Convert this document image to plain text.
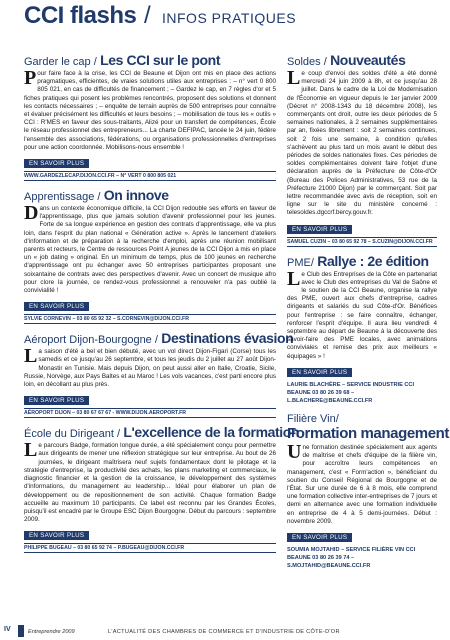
CCI flashs / INFOS PRATIQUES
Garder le cap / Les CCI sur le pont

Pour faire face à la crise, les CCI de Beaune et Dijon ont mis en place des actions pragmatiques, efficientes, de vraies solutions utiles aux entreprises : – n° vert 0 800 805 021, en cas de difficultés de financement ; – Gardez le cap, en 7 règles d'or et 5 fiches pratiques qui posent les problèmes rencontrés, proposent des solutions et donnent les contacts nécessaires ; – enquête de terrain auprès de 500 entreprises pour connaître et évaluer précisément les difficultés et leurs besoins ; – mobilisation de tous les « outils » CCI : R'MES en faveur des sous-traitants, Alizé pour un transfert de compétences, École le réseau professionnel des entrepreneurs... La charte DEFIPAC, lancée le 24 juin, fédère l'ensemble des associations, fédérations, ou organisations professionnelles d'entreprises pour une action coordonnée. Mobilisons-nous ensemble !

EN SAVOIR PLUS
WWW.GARDEZLECAP.DIJON.CCI.FR – N° VERT 0 800 805 021
Apprentissage / On innove

Dans un contexte économique difficile, la CCI Dijon redouble ses efforts en faveur de l'apprentissage, plus que jamais solution d'avenir professionnel pour les jeunes. Forte de sa longue expérience en gestion des contrats d'apprentissage, elle va plus loin, dans l'esprit du plan national « Génération active ». Après le lancement d'ateliers d'information et de préparation à la recherche d'emploi, après une réunion mobilisant parents et recteurs, le Centre de ressources Point A jeunes de la CCI Dijon a mis en place un « job dating » original. En un minimum de temps, plus de 100 jeunes en recherche d'apprentissage ont pu échanger avec 50 entreprises participantes proposant une soixantaine de contrats avec des perspectives d'avenir. Avec un concert de musique afro pour clore la journée, ce rendez-vous professionnel a renouveler n'a pas oublié la convivialité !

EN SAVOIR PLUS
SYLVIE CORNEVIN – 03 80 65 92 32 – S.CORNEVIN@DIJON.CCI.FR
Aéroport Dijon-Bourgogne / Destinations évasion

La saison d'été a bel et bien débuté, avec un vol direct Dijon-Figari (Corse) tous les samedis et ce jusqu'au 26 septembre, et tous les jeudis du 2 juillet au 27 août Dijon-Monastir en Tunisie. Mais depuis Dijon, on peut aussi aller en Italie, Croatie, Sicile, Russie, Norvège, aux Pays Baltes et au Maroc ! Les vols vacances, c'est parti encore plus loin, en décollant au plus près.

EN SAVOIR PLUS
AÉROPORT DIJON – 03 80 67 67 67 - WWW.DIJON.AEROPORT.FR
École du Dirigeant / L'excellence de la formation

Le parcours Badge, formation longue durée, a été spécialement conçu pour permettre aux dirigeants de mener une réflexion stratégique sur leur entreprise. Au bout de 26 journées, le dirigeant maîtrisera neuf sujets fondamentaux dont le pilotage et la stratégie d'entreprise, la productivité des achats, les plans marketing et commerciaux, le diagnostic financier et la gestion de la croissance, le développement des systèmes d'informations, du management au leadership... Idéal pour élaborer un plan de développement ou de repositionnement de son activité. Chaque formation Badge accueille au maximum 10 participants. Ce label est reconnu par les Grandes Écoles, puisqu'il est encadré par le Groupe ESC Dijon Bourgogne. Début du parcours : septembre 2009.

EN SAVOIR PLUS
PHILIPPE BUGEAU – 03 80 65 92 74 – P.BUGEAU@DIJON.CCI.FR
Soldes / Nouveautés

Le coup d'envoi des soldes d'été a été donné mercredi 24 juin 2009 à 8h, et ce jusqu'au 28 juillet. Dans le cadre de la Loi de Modernisation de l'Économie en vigueur depuis le 1er janvier 2009 (Décret n° 2008-1343 du 18 décembre 2008), les commerçants ont droit, outre les deux périodes de 5 semaines nationales, à 2 semaines supplémentaires par an, fixées librement : soit 2 semaines continues, soit 2 fois une semaine, à condition qu'elles s'achèvent au plus tard un mois avant le début des périodes de soldes nationales fixes. Ces périodes de soldes complémentaires doivent faire l'objet d'une déclaration auprès de la Préfecture de Côte-d'Or (Bureau des Polices Administratives, 53 rue de la Préfecture 21000 Dijon) par le commerçant. Soit par lettre recommandée avec avis de réception, soit en ligne sur le site du ministère concerné : telesoldes.dgccrf.bercy.gouv.fr.

EN SAVOIR PLUS
SAMUEL CUZIN – 03 80 65 92 78 – S.CUZIN@DIJON.CCI.FR
PME/ Rallye : 2e édition

Le Club des Entreprises de la Côte en partenariat avec le Club des entreprises du Val de Saône et le soutien de la CCI Beaune, organise la rallye des PME, ouvert aux chefs d'entreprise, cadres dirigeants et salariés du sud Côte-d'Or. Bénéfices pour l'entreprise : se faire connaître, échanger, renforcer l'esprit d'équipe. Il aura lieu vendredi 4 septembre au départ de Beaune à la découverte des savoir-faire des PME locales, avec animations conviviales et remise des prix aux meilleurs « équipages » !

EN SAVOIR PLUS
LAURIE BLACHÈRE – SERVICE INDUSTRIE CCI BEAUNE 03 80 26 39 68 – L.BLACHERE@BEAUNE.CCI.FR
Filière Vin/
Formation management

Une formation destinée spécialement aux agents de maîtrise et chefs d'équipe de la filière vin, pour accroître leurs compétences en management, c'est « Form'action », bénéficiant du soutien du Conseil Régional de Bourgogne et de l'État. Sur une durée de 6 à 8 mois, elle comprend une formation collective inter-entreprises de 7 jours et demi en alternance avec une formation individuelle en entreprise de 4 à 5 demi-journées. Début : novembre 2009.

EN SAVOIR PLUS
SOUMIA MOJTAHID – SERVICE FILIÈRE VIN CCI BEAUNE 03 80 26 39 74 – S.MOJTAHID@BEAUNE.CCI.FR
IV	Entreprendre 2009	L'ACTUALITÉ DES CHAMBRES DE COMMERCE ET D'INDUSTRIE DE CÔTE-D'OR
